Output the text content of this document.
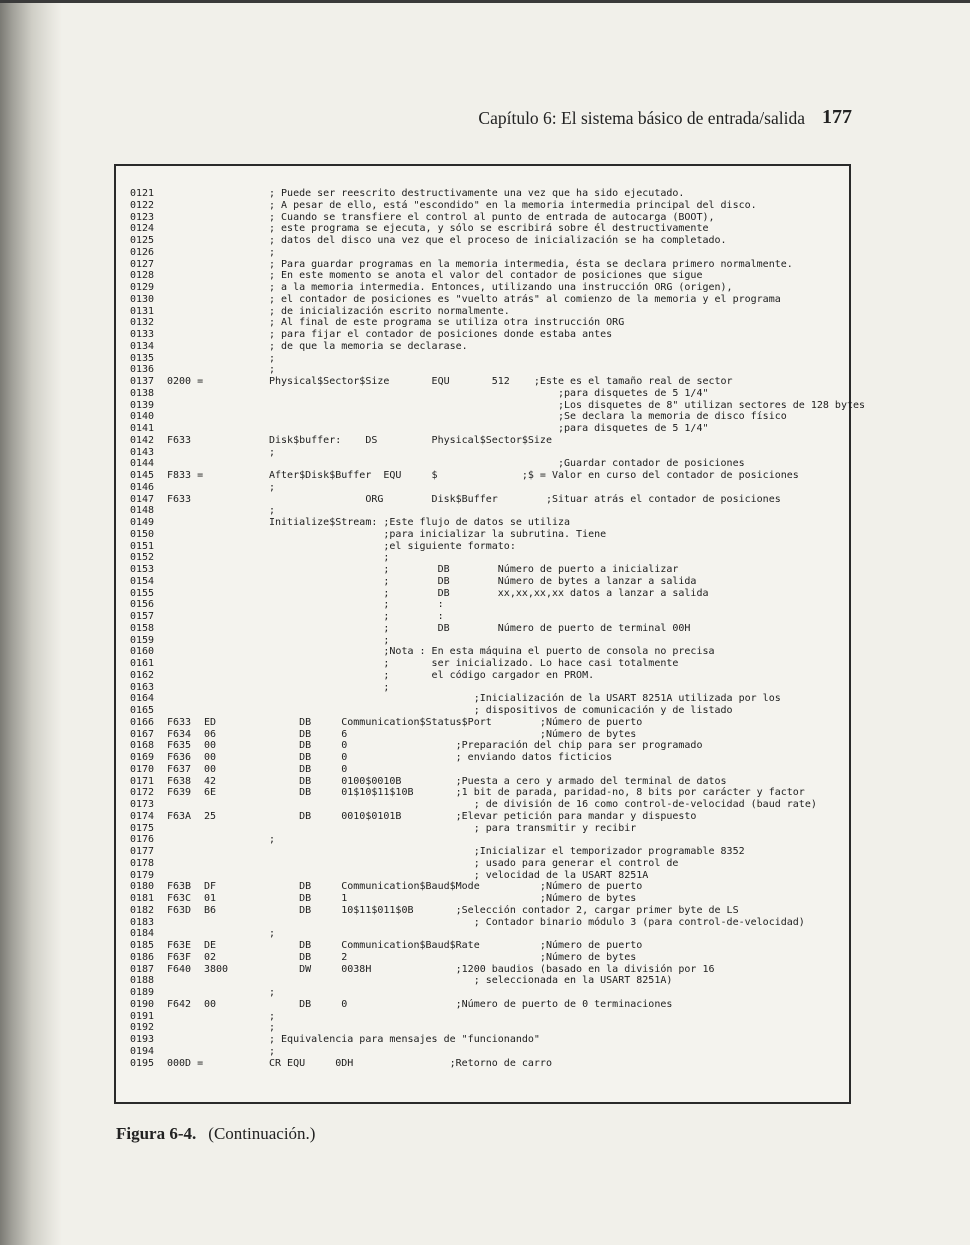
Capítulo 6: El sistema básico de entrada/salida 177
0121	; Puede ser reescrito destructivamente una vez que ha sido ejecutado.
0122	; A pesar de ello, está "escondido" en la memoria intermedia principal del disco.
0123	; Cuando se transfiere el control al punto de entrada de autocarga (BOOT),
0124	; este programa se ejecuta, y sólo se escribirá sobre él destructivamente
0125	; datos del disco una vez que el proceso de inicialización se ha completado.
0126	;
0127	; Para guardar programas en la memoria intermedia, ésta se declara primero normalmente.
0128	; En este momento se anota el valor del contador de posiciones que sigue
0129	; a la memoria intermedia. Entonces, utilizando una instrucción ORG (origen),
0130	; el contador de posiciones es "vuelto atrás" al comienzo de la memoria y el programa
0131	; de inicialización escrito normalmente.
0132	; Al final de este programa se utiliza otra instrucción ORG
0133	; para fijar el contador de posiciones donde estaba antes
0134	; de que la memoria se declarase.
0135	;
0136	;
0137 0200 =	Physical$Sector$Size       EQU       512    ;Este es el tamaño real de sector
0138	;para disquetes de 5 1/4"
0139	;Los disquetes de 8" utilizan sectores de 128 bytes
0140	;Se declara la memoria de disco físico
0141	;para disquetes de 5 1/4"
0142 F633	Disk$buffer:    DS         Physical$Sector$Size
0143	;
0144	;Guardar contador de posiciones
0145 F833 =	After$Disk$Buffer  EQU     $              ;$ = Valor en curso del contador de posiciones
0146	;
0147 F633	ORG        Disk$Buffer        ;Situar atrás el contador de posiciones
0148	;
0149	Initialize$Stream: ;Este flujo de datos se utiliza
0150	;para inicializar la subrutina. Tiene
0151	;el siguiente formato:
0152	;
0153	;        DB        Número de puerto a inicializar
0154	;        DB        Número de bytes a lanzar a salida
0155	;        DB        xx,xx,xx,xx datos a lanzar a salida
0156	;        :
0157	;        :
0158	;        DB        Número de puerto de terminal 00H
0159	;
0160	;Nota : En esta máquina el puerto de consola no precisa
0161	;       ser inicializado. Lo hace casi totalmente
0162	;       el código cargador en PROM.
0163	;
0164	;Inicialización de la USART 8251A utilizada por los
0165	; dispositivos de comunicación y de listado
0166 F633 ED	DB     Communication$Status$Port        ;Número de puerto
0167 F634 06	DB     6                                ;Número de bytes
0168 F635 00	DB     0                  ;Preparación del chip para ser programado
0169 F636 00	DB     0                  ; enviando datos ficticios
0170 F637 00	DB     0
0171 F638 42	DB     0100$0010B         ;Puesta a cero y armado del terminal de datos
0172 F639 6E	DB     01$10$11$10B       ;1 bit de parada, paridad-no, 8 bits por carácter y factor
0173	; de división de 16 como control-de-velocidad (baud rate)
0174 F63A 25	DB     0010$0101B         ;Elevar petición para mandar y dispuesto
0175	; para transmitir y recibir
0176	;
0177	;Inicializar el temporizador programable 8352
0178	; usado para generar el control de
0179	; velocidad de la USART 8251A
0180 F63B DF	DB     Communication$Baud$Mode          ;Número de puerto
0181 F63C 01	DB     1                                ;Número de bytes
0182 F63D B6	DB     10$11$011$0B       ;Selección contador 2, cargar primer byte de LS
0183	; Contador binario módulo 3 (para control-de-velocidad)
0184	;
0185 F63E DE	DB     Communication$Baud$Rate          ;Número de puerto
0186 F63F 02	DB     2                                ;Número de bytes
0187 F640 3800	DW     0038H              ;1200 baudios (basado en la división por 16
0188	; seleccionada en la USART 8251A)
0189	;
0190 F642 00	DB     0                  ;Número de puerto de 0 terminaciones
0191	;
0192	;
0193	; Equivalencia para mensajes de "funcionando"
0194	;
0195 000D =	CR EQU     0DH                ;Retorno de carro
Figura 6-4. (Continuación.)
